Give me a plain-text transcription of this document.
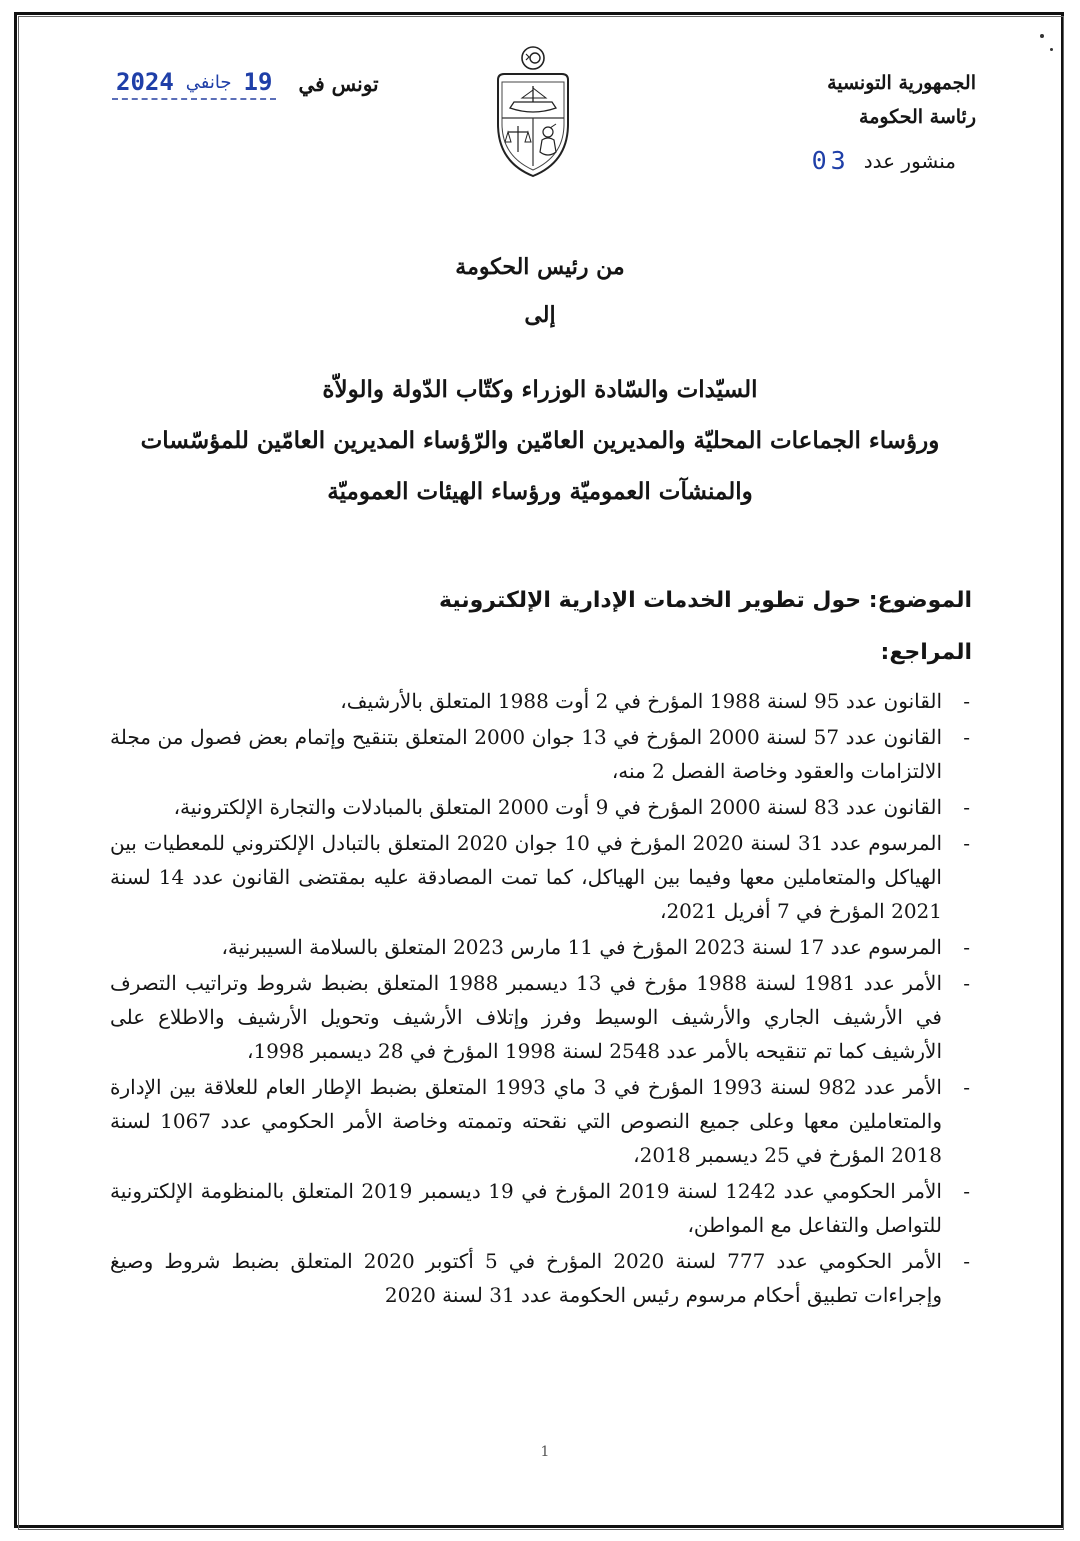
الجمهورية التونسية
رئاسة الحكومة
منشور عدد
03
2024 جانفي 19 تونس في
من رئيس الحكومة
إلى
السيّدات والسّادة الوزراء وكتّاب الدّولة والولاّة
ورؤساء الجماعات المحليّة والمديرين العامّين والرّؤساء المديرين العامّين للمؤسّسات
والمنشآت العموميّة ورؤساء الهيئات العموميّة
الموضوع: حول تطوير الخدمات الإدارية الإلكترونية
المراجع:
-
القانون عدد 95 لسنة 1988 المؤرخ في 2 أوت 1988 المتعلق بالأرشيف،
-
القانون عدد 57 لسنة 2000 المؤرخ في 13 جوان 2000 المتعلق بتنقيح وإتمام بعض فصول من مجلة الالتزامات والعقود وخاصة الفصل 2 منه،
-
القانون عدد 83 لسنة 2000 المؤرخ في 9 أوت 2000 المتعلق بالمبادلات والتجارة الإلكترونية،
-
المرسوم عدد 31 لسنة 2020 المؤرخ في 10 جوان 2020 المتعلق بالتبادل الإلكتروني للمعطيات بين الهياكل والمتعاملين معها وفيما بين الهياكل، كما تمت المصادقة عليه بمقتضى القانون عدد 14 لسنة 2021 المؤرخ في 7 أفريل 2021،
-
المرسوم عدد 17 لسنة 2023 المؤرخ في 11 مارس 2023 المتعلق بالسلامة السيبرنية،
-
الأمر عدد 1981 لسنة 1988 مؤرخ في 13 ديسمبر 1988 المتعلق بضبط شروط وتراتيب التصرف في الأرشيف الجاري والأرشيف الوسيط وفرز وإتلاف الأرشيف وتحويل الأرشيف والاطلاع على الأرشيف كما تم تنقيحه بالأمر عدد 2548 لسنة 1998 المؤرخ في 28 ديسمبر 1998،
-
الأمر عدد 982 لسنة 1993 المؤرخ في 3 ماي 1993 المتعلق بضبط الإطار العام للعلاقة بين الإدارة والمتعاملين معها وعلى جميع النصوص التي نقحته وتممته وخاصة الأمر الحكومي عدد 1067 لسنة 2018 المؤرخ في 25 ديسمبر 2018،
-
الأمر الحكومي عدد 1242 لسنة 2019 المؤرخ في 19 ديسمبر 2019 المتعلق بالمنظومة الإلكترونية للتواصل والتفاعل مع المواطن،
-
الأمر الحكومي عدد 777 لسنة 2020 المؤرخ في 5 أكتوبر 2020 المتعلق بضبط شروط وصيغ وإجراءات تطبيق أحكام مرسوم رئيس الحكومة عدد 31 لسنة 2020
1
